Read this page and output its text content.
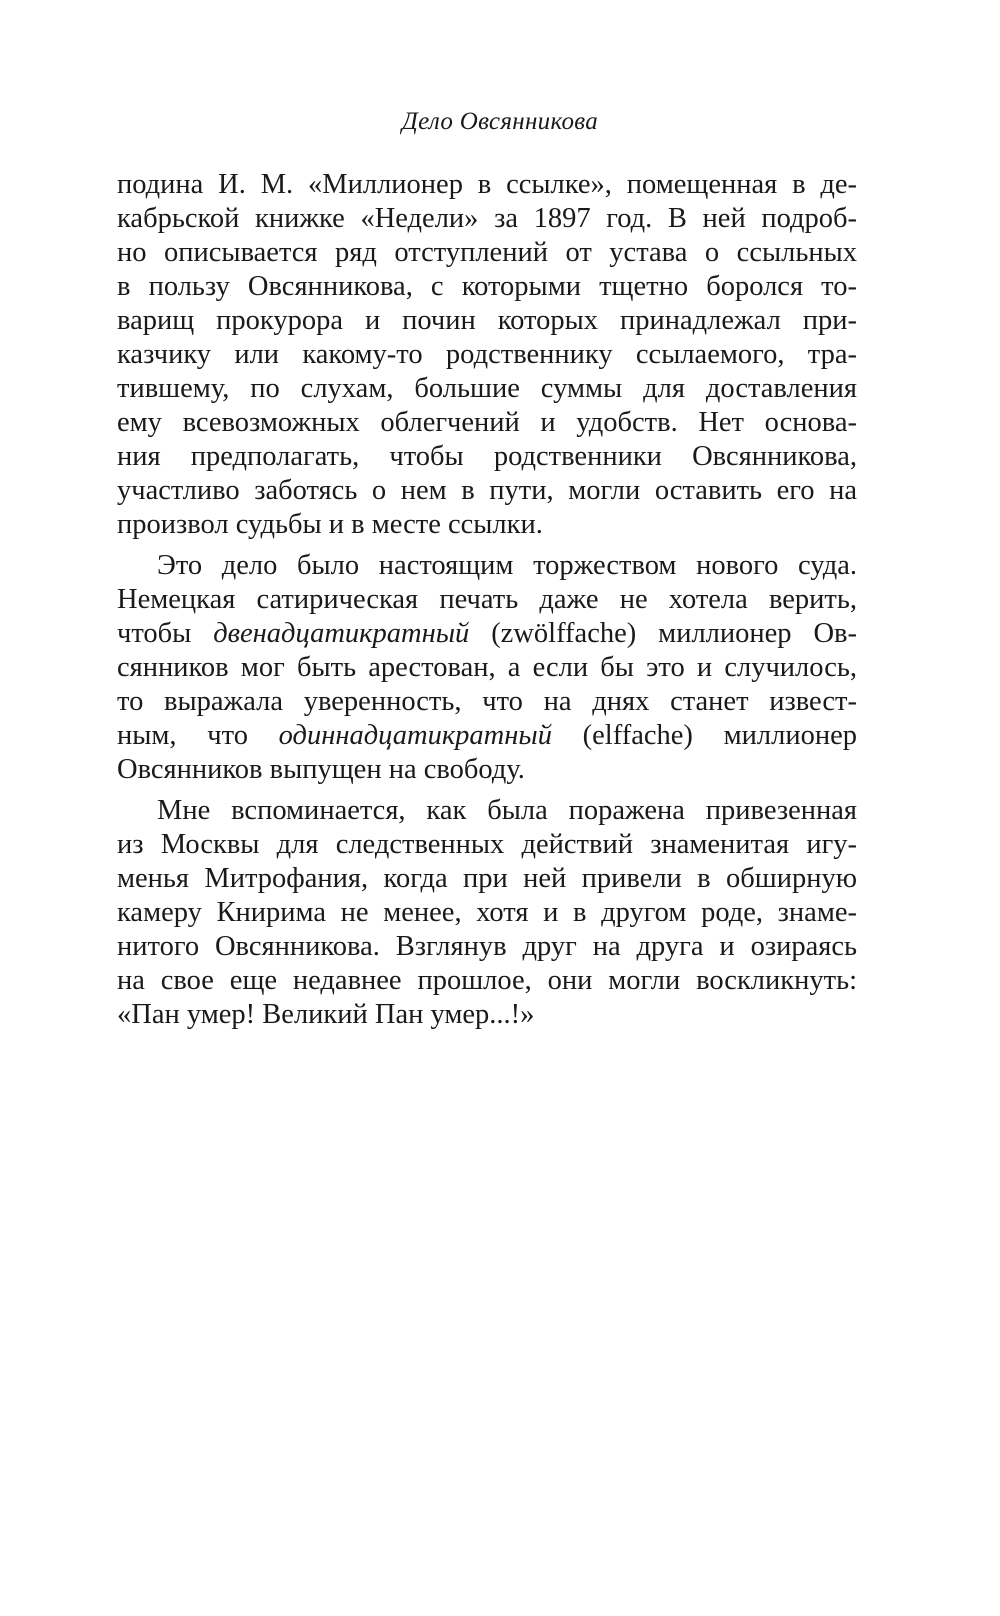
Дело Овсянникова
подина И. М. «Миллионер в ссылке», помещенная в де-
кабрьской книжке «Недели» за 1897 год. В ней подроб-
но описывается ряд отступлений от устава о ссыльных
в пользу Овсянникова, с которыми тщетно боролся то-
варищ прокурора и почин которых принадлежал при-
казчику или какому-то родственнику ссылаемого, тра-
тившему, по слухам, большие суммы для доставления
ему всевозможных облегчений и удобств. Нет основа-
ния предполагать, чтобы родственники Овсянникова,
участливо заботясь о нем в пути, могли оставить его на
произвол судьбы и в месте ссылки.
Это дело было настоящим торжеством нового суда.
Немецкая сатирическая печать даже не хотела верить,
чтобы двенадцатикратный (zwölffache) миллионер Ов-
сянников мог быть арестован, а если бы это и случилось,
то выражала уверенность, что на днях станет извест-
ным, что одиннадцатикратный (elffache) миллионер
Овсянников выпущен на свободу.
Мне вспоминается, как была поражена привезенная
из Москвы для следственных действий знаменитая игу-
менья Митрофания, когда при ней привели в обширную
камеру Книрима не менее, хотя и в другом роде, знаме-
нитого Овсянникова. Взглянув друг на друга и озираясь
на свое еще недавнее прошлое, они могли воскликнуть:
«Пан умер! Великий Пан умер...!»
